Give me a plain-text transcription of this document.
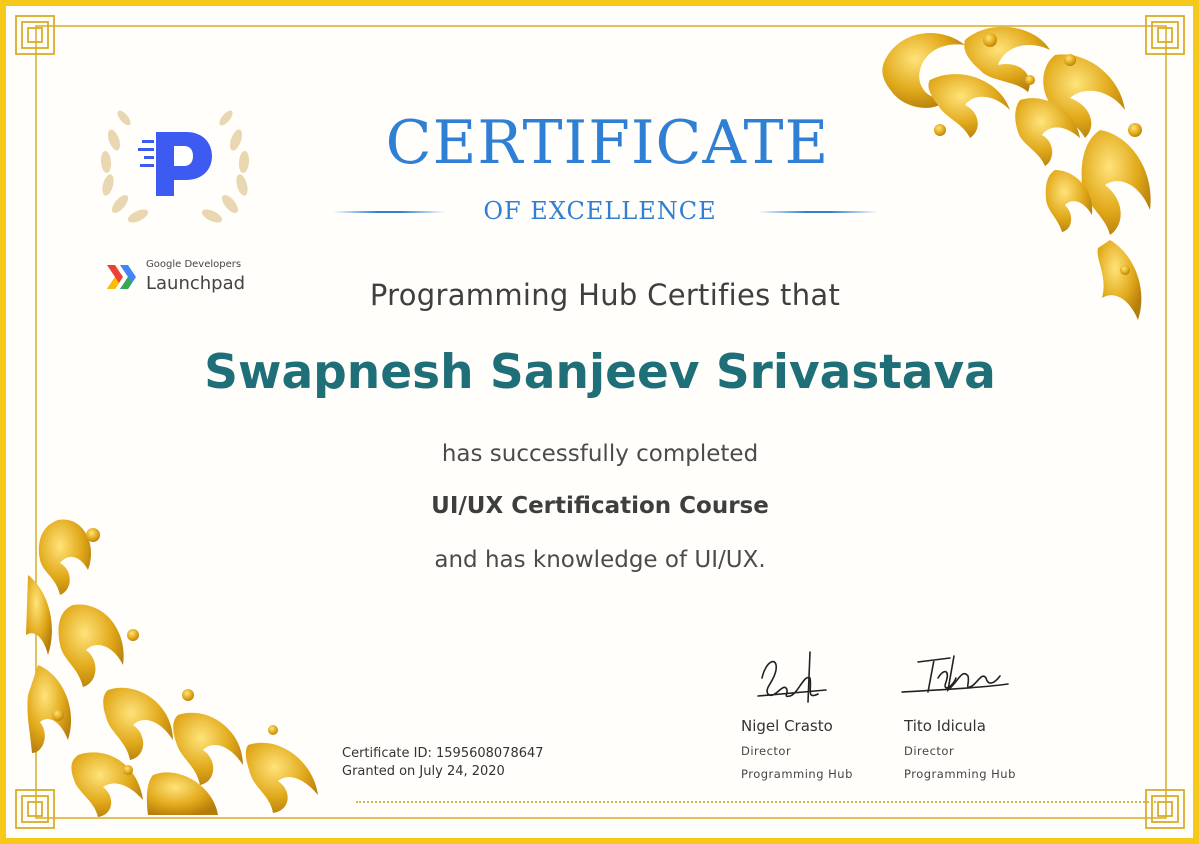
Google Developers
Launchpad
CERTIFICATE
OF EXCELLENCE
Programming Hub Certifies that
Swapnesh Sanjeev Srivastava
has successfully completed
UI/UX Certification Course
and has knowledge of UI/UX.
Certificate ID: 1595608078647
Granted on July 24, 2020
Nigel Crasto
Director
Programming Hub
Tito Idicula
Director
Programming Hub
